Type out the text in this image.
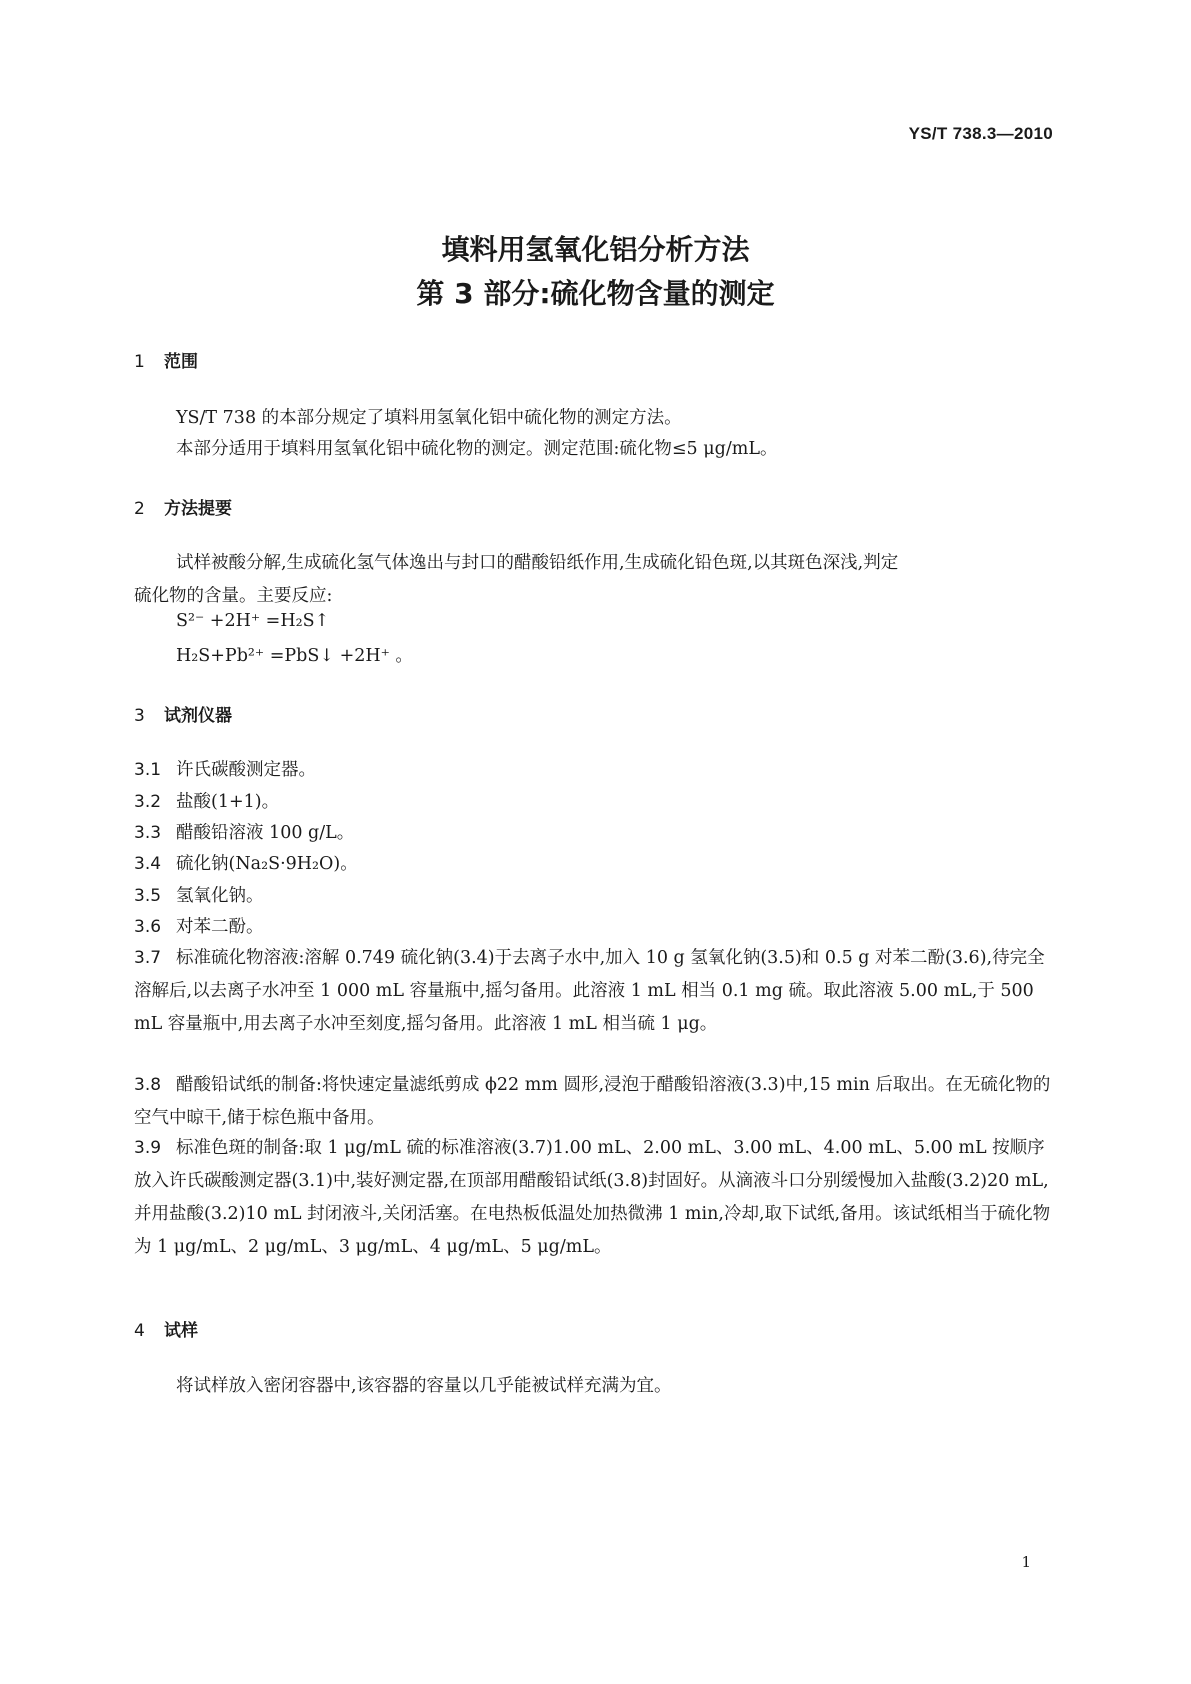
YS/T 738.3—2010
填料用氢氧化铝分析方法
第 3 部分:硫化物含量的测定
1 范围
YS/T 738 的本部分规定了填料用氢氧化铝中硫化物的测定方法。
本部分适用于填料用氢氧化铝中硫化物的测定。测定范围:硫化物≤5 μg/mL。
2 方法提要
试样被酸分解,生成硫化氢气体逸出与封口的醋酸铅纸作用,生成硫化铅色斑,以其斑色深浅,判定
硫化物的含量。主要反应:
S²⁻ +2H⁺ =H₂S↑
H₂S+Pb²⁺ =PbS↓ +2H⁺ 。
3 试剂仪器
3.1 许氏碳酸测定器。
3.2 盐酸(1+1)。
3.3 醋酸铅溶液 100 g/L。
3.4 硫化钠(Na₂S·9H₂O)。
3.5 氢氧化钠。
3.6 对苯二酚。
3.7 标准硫化物溶液:溶解 0.749 硫化钠(3.4)于去离子水中,加入 10 g 氢氧化钠(3.5)和 0.5 g 对苯二酚(3.6),待完全溶解后,以去离子水冲至 1 000 mL 容量瓶中,摇匀备用。此溶液 1 mL 相当 0.1 mg 硫。取此溶液 5.00 mL,于 500 mL 容量瓶中,用去离子水冲至刻度,摇匀备用。此溶液 1 mL 相当硫 1 μg。
3.8 醋酸铅试纸的制备:将快速定量滤纸剪成 ϕ22 mm 圆形,浸泡于醋酸铅溶液(3.3)中,15 min 后取出。在无硫化物的空气中晾干,储于棕色瓶中备用。
3.9 标准色斑的制备:取 1 μg/mL 硫的标准溶液(3.7)1.00 mL、2.00 mL、3.00 mL、4.00 mL、5.00 mL 按顺序放入许氏碳酸测定器(3.1)中,装好测定器,在顶部用醋酸铅试纸(3.8)封固好。从滴液斗口分别缓慢加入盐酸(3.2)20 mL,并用盐酸(3.2)10 mL 封闭液斗,关闭活塞。在电热板低温处加热微沸 1 min,冷却,取下试纸,备用。该试纸相当于硫化物为 1 μg/mL、2 μg/mL、3 μg/mL、4 μg/mL、5 μg/mL。
4 试样
将试样放入密闭容器中,该容器的容量以几乎能被试样充满为宜。
1
